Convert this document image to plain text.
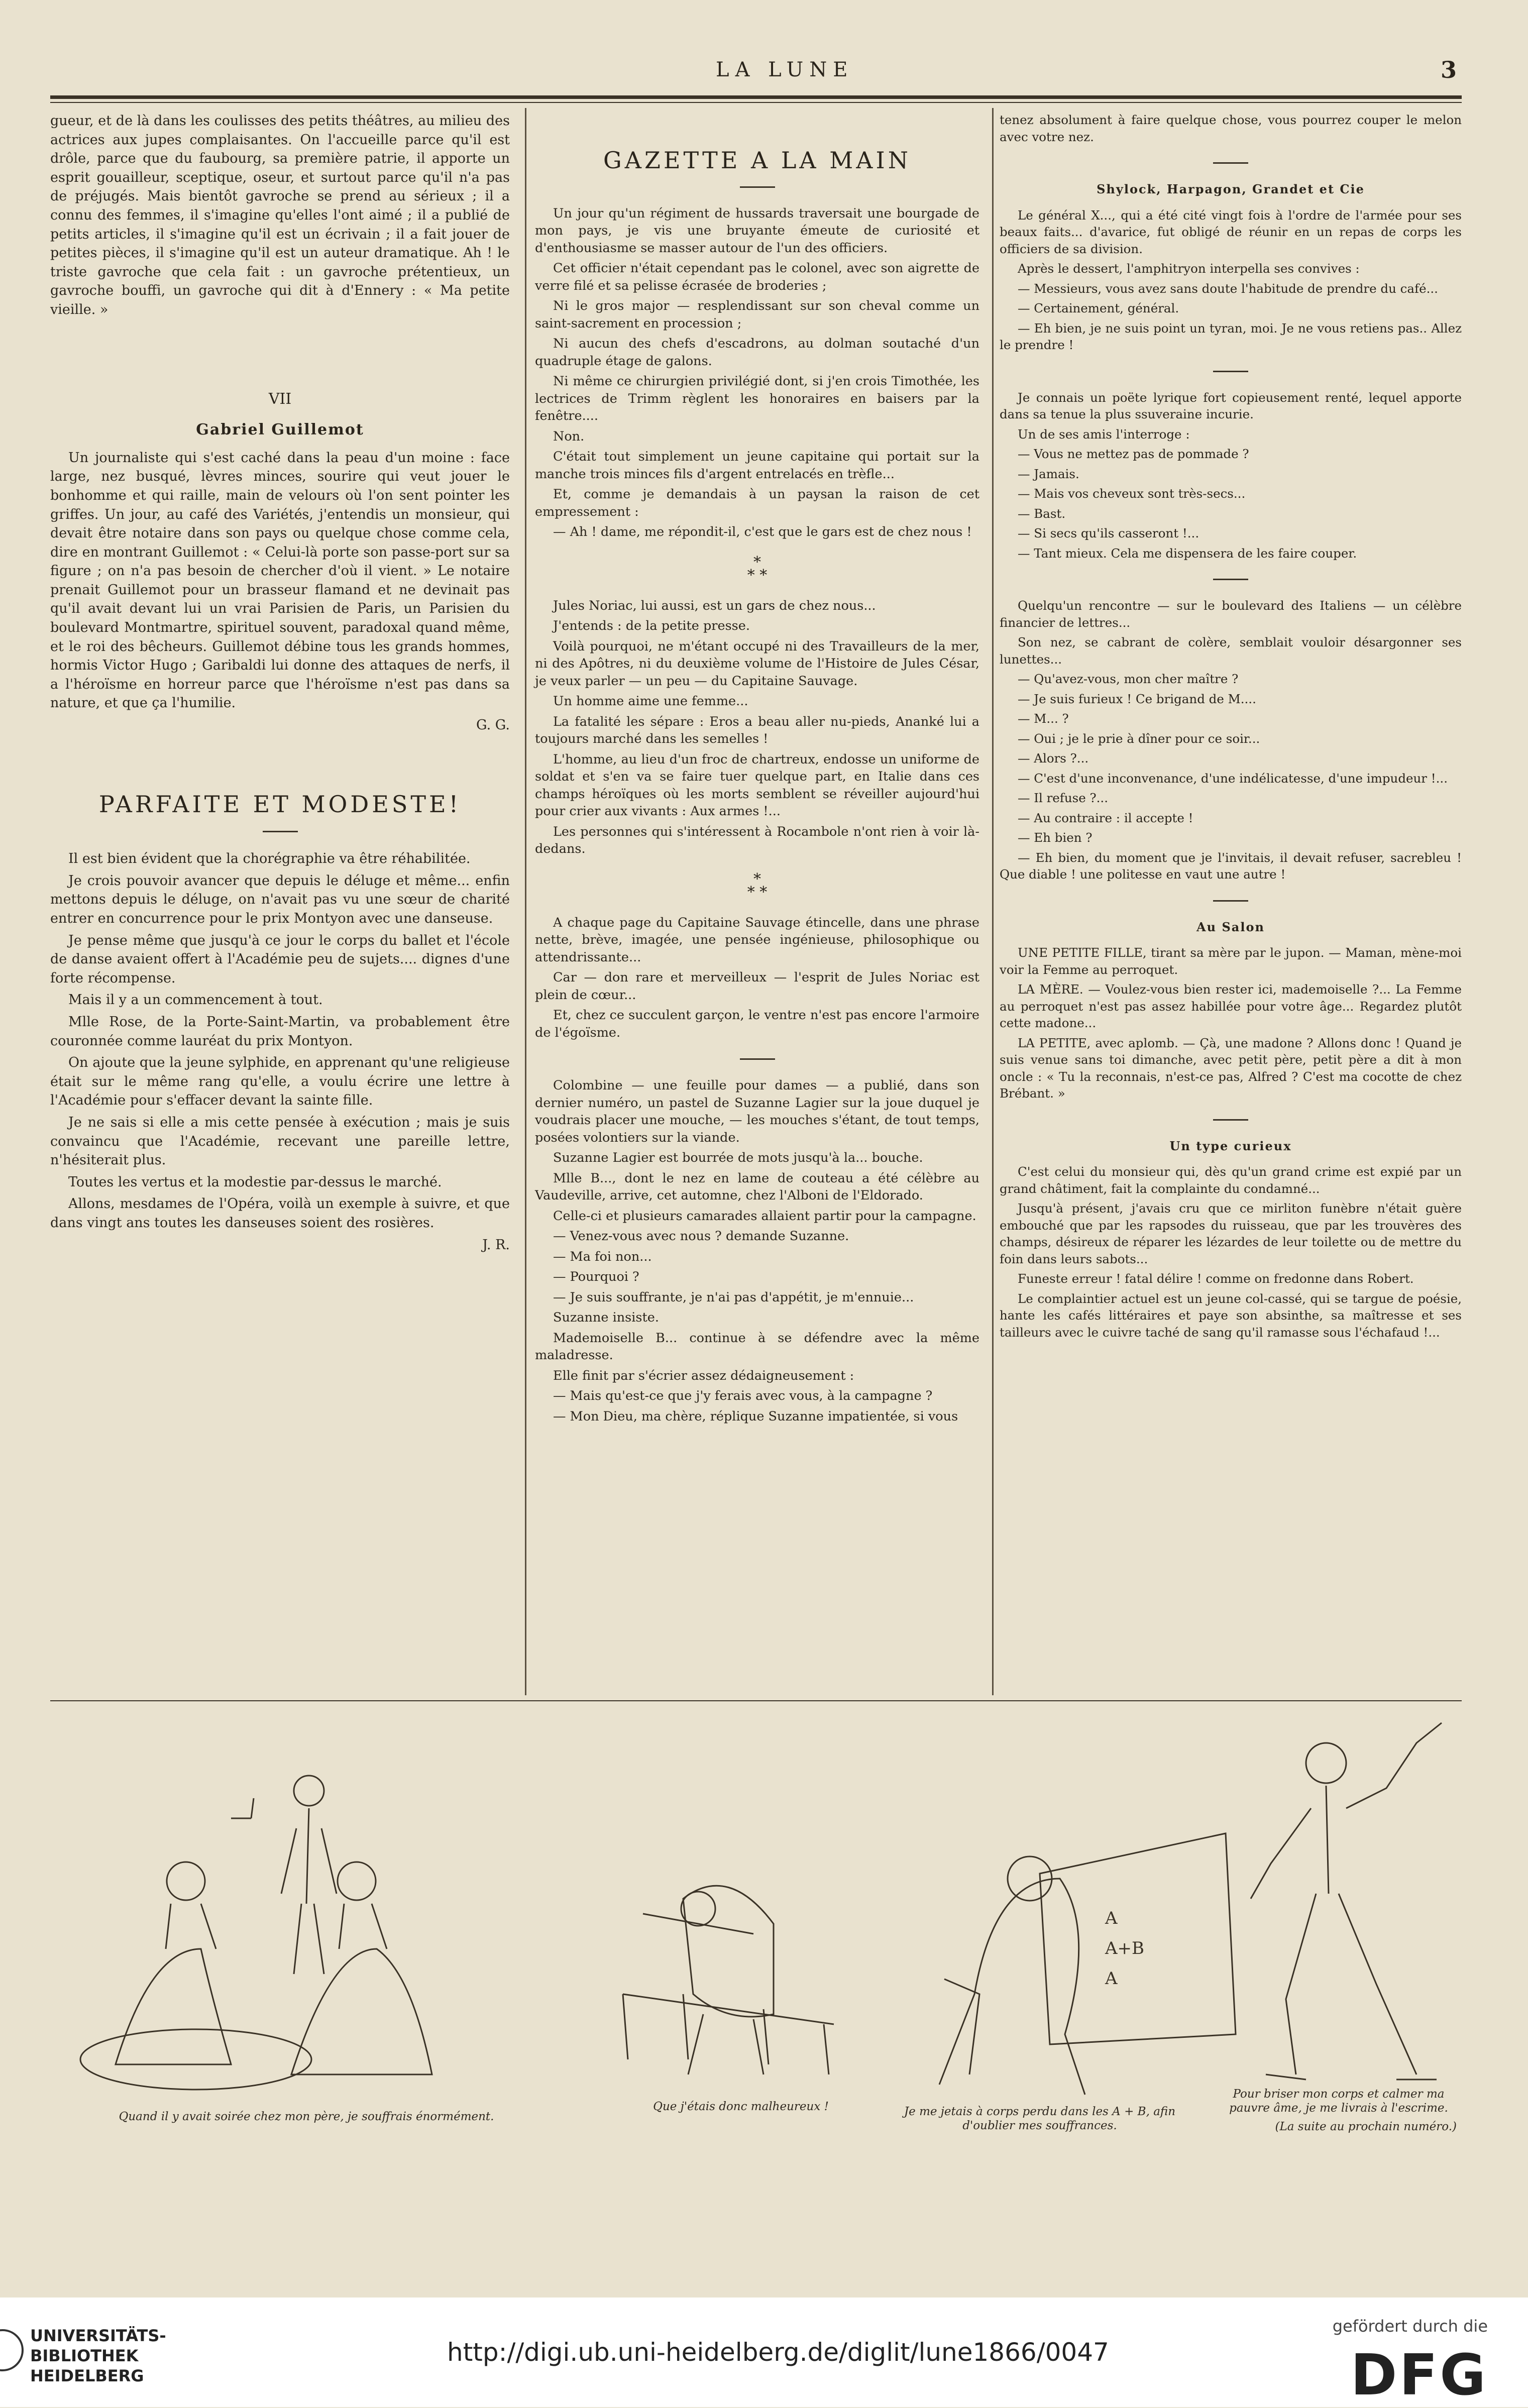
LA LUNE	3

gueur, et de là dans les coulisses des petits théâtres, au milieu des actrices aux jupes complaisantes. On l'accueille parce qu'il est drôle, parce que du faubourg, sa première patrie, il apporte un esprit gouailleur, sceptique, oseur, et surtout parce qu'il n'a pas de préjugés. Mais bientôt gavroche se prend au sérieux ; il a connu des femmes, il s'imagine qu'elles l'ont aimé ; il a publié de petits articles, il s'imagine qu'il est un écrivain ; il a fait jouer de petites pièces, il s'imagine qu'il est un auteur dramatique. Ah ! le triste gavroche que cela fait : un gavroche prétentieux, un gavroche bouffi, un gavroche qui dit à d'Ennery : « Ma petite vieille. »

VII
Gabriel Guillemot

Un journaliste qui s'est caché dans la peau d'un moine : face large, nez busqué, lèvres minces, sourire qui veut jouer le bonhomme et qui raille, main de velours où l'on sent pointer les griffes. Un jour, au café des Variétés, j'entendis un monsieur, qui devait être notaire dans son pays ou quelque chose comme cela, dire en montrant Guillemot : « Celui-là porte son passe-port sur sa figure ; on n'a pas besoin de chercher d'où il vient. » Le notaire prenait Guillemot pour un brasseur flamand et ne devinait pas qu'il avait devant lui un vrai Parisien de Paris, un Parisien du boulevard Montmartre, spirituel souvent, paradoxal quand même, et le roi des bêcheurs. Guillemot débine tous les grands hommes, hormis Victor Hugo ; Garibaldi lui donne des attaques de nerfs, il a l'héroïsme en horreur parce que l'héroïsme n'est pas dans sa nature, et que ça l'humilie.

G. G.

PARFAITE ET MODESTE!

Il est bien évident que la chorégraphie va être réhabilitée.

Je crois pouvoir avancer que depuis le déluge et même... enfin mettons depuis le déluge, on n'avait pas vu une sœur de charité entrer en concurrence pour le prix Montyon avec une danseuse.

Je pense même que jusqu'à ce jour le corps du ballet et l'école de danse avaient offert à l'Académie peu de sujets.... dignes d'une forte récompense.

Mais il y a un commencement à tout.

Mlle Rose, de la Porte-Saint-Martin, va probablement être couronnée comme lauréat du prix Montyon.

On ajoute que la jeune sylphide, en apprenant qu'une religieuse était sur le même rang qu'elle, a voulu écrire une lettre à l'Académie pour s'effacer devant la sainte fille.

Je ne sais si elle a mis cette pensée à exécution ; mais je suis convaincu que l'Académie, recevant une pareille lettre, n'hésiterait plus.

Toutes les vertus et la modestie par-dessus le marché.

Allons, mesdames de l'Opéra, voilà un exemple à suivre, et que dans vingt ans toutes les danseuses soient des rosières.

J. R.

GAZETTE A LA MAIN

Un jour qu'un régiment de hussards traversait une bourgade de mon pays, je vis une bruyante émeute de curiosité et d'enthousiasme se masser autour de l'un des officiers.

Cet officier n'était cependant pas le colonel, avec son aigrette de verre filé et sa pelisse écrasée de broderies ;

Ni le gros major — resplendissant sur son cheval comme un saint-sacrement en procession ;

Ni aucun des chefs d'escadrons, au dolman soutaché d'un quadruple étage de galons.

Ni même ce chirurgien privilégié dont, si j'en crois Timothée, les lectrices de Trimm règlent les honoraires en baisers par la fenêtre....

Non.

C'était tout simplement un jeune capitaine qui portait sur la manche trois minces fils d'argent entrelacés en trèfle...

Et, comme je demandais à un paysan la raison de cet empressement :

— Ah ! dame, me répondit-il, c'est que le gars est de chez nous !

*
* *

Jules Noriac, lui aussi, est un gars de chez nous...

J'entends : de la petite presse.

Voilà pourquoi, ne m'étant occupé ni des Travailleurs de la mer, ni des Apôtres, ni du deuxième volume de l'Histoire de Jules César, je veux parler — un peu — du Capitaine Sauvage.

Un homme aime une femme...

La fatalité les sépare : Eros a beau aller nu-pieds, Ananké lui a toujours marché dans les semelles !

L'homme, au lieu d'un froc de chartreux, endosse un uniforme de soldat et s'en va se faire tuer quelque part, en Italie dans ces champs héroïques où les morts semblent se réveiller aujourd'hui pour crier aux vivants : Aux armes !...

Les personnes qui s'intéressent à Rocambole n'ont rien à voir là-dedans.

*
* *

A chaque page du Capitaine Sauvage étincelle, dans une phrase nette, brève, imagée, une pensée ingénieuse, philosophique ou attendrissante...

Car — don rare et merveilleux — l'esprit de Jules Noriac est plein de cœur...

Et, chez ce succulent garçon, le ventre n'est pas encore l'armoire de l'égoïsme.

Colombine — une feuille pour dames — a publié, dans son dernier numéro, un pastel de Suzanne Lagier sur la joue duquel je voudrais placer une mouche, — les mouches s'étant, de tout temps, posées volontiers sur la viande.

Suzanne Lagier est bourrée de mots jusqu'à la... bouche.

Mlle B..., dont le nez en lame de couteau a été célèbre au Vaudeville, arrive, cet automne, chez l'Alboni de l'Eldorado.

Celle-ci et plusieurs camarades allaient partir pour la campagne.

— Venez-vous avec nous ? demande Suzanne.

— Ma foi non...

— Pourquoi ?

— Je suis souffrante, je n'ai pas d'appétit, je m'ennuie...

Suzanne insiste.

Mademoiselle B... continue à se défendre avec la même maladresse.

Elle finit par s'écrier assez dédaigneusement :

— Mais qu'est-ce que j'y ferais avec vous, à la campagne ?

— Mon Dieu, ma chère, réplique Suzanne impatientée, si vous

tenez absolument à faire quelque chose, vous pourrez couper le melon avec votre nez.

Shylock, Harpagon, Grandet et Cie

Le général X..., qui a été cité vingt fois à l'ordre de l'armée pour ses beaux faits... d'avarice, fut obligé de réunir en un repas de corps les officiers de sa division.

Après le dessert, l'amphitryon interpella ses convives :

— Messieurs, vous avez sans doute l'habitude de prendre du café...

— Certainement, général.

— Eh bien, je ne suis point un tyran, moi. Je ne vous retiens pas.. Allez le prendre !

Je connais un poëte lyrique fort copieusement renté, lequel apporte dans sa tenue la plus ssuveraine incurie.

Un de ses amis l'interroge :

— Vous ne mettez pas de pommade ?

— Jamais.

— Mais vos cheveux sont très-secs...

— Bast.

— Si secs qu'ils casseront !...

— Tant mieux. Cela me dispensera de les faire couper.

Quelqu'un rencontre — sur le boulevard des Italiens — un célèbre financier de lettres...

Son nez, se cabrant de colère, semblait vouloir désargonner ses lunettes...

— Qu'avez-vous, mon cher maître ?

— Je suis furieux ! Ce brigand de M....

— M... ?

— Oui ; je le prie à dîner pour ce soir...

— Alors ?...

— C'est d'une inconvenance, d'une indélicatesse, d'une impudeur !...

— Il refuse ?...

— Au contraire : il accepte !

— Eh bien ?

— Eh bien, du moment que je l'invitais, il devait refuser, sacrebleu ! Que diable ! une politesse en vaut une autre !

Au Salon

UNE PETITE FILLE, tirant sa mère par le jupon. — Maman, mène-moi voir la Femme au perroquet.

LA MÈRE. — Voulez-vous bien rester ici, mademoiselle ?... La Femme au perroquet n'est pas assez habillée pour votre âge... Regardez plutôt cette madone...

LA PETITE, avec aplomb. — Çà, une madone ? Allons donc ! Quand je suis venue sans toi dimanche, avec petit père, petit père a dit à mon oncle : « Tu la reconnais, n'est-ce pas, Alfred ? C'est ma cocotte de chez Brébant. »

Un type curieux

C'est celui du monsieur qui, dès qu'un grand crime est expié par un grand châtiment, fait la complainte du condamné...

Jusqu'à présent, j'avais cru que ce mirliton funèbre n'était guère embouché que par les rapsodes du ruisseau, que par les trouvères des champs, désireux de réparer les lézardes de leur toilette ou de mettre du foin dans leurs sabots...

Funeste erreur ! fatal délire ! comme on fredonne dans Robert.

Le complaintier actuel est un jeune col-cassé, qui se targue de poésie, hante les cafés littéraires et paye son absinthe, sa maîtresse et ses tailleurs avec le cuivre taché de sang qu'il ramasse sous l'échafaud !...

A A+B A
Quand il y avait soirée chez mon père, je souffrais énormément.
Que j'étais donc malheureux !	Je me jetais à corps perdu dans les A + B, afin d'oublier mes souffrances.
Pour briser mon corps et calmer ma pauvre âme, je me livrais à l'escrime.
(La suite au prochain numéro.)
UNIVERSITÄTS-
BIBLIOTHEK
HEIDELBERG
http://digi.ub.uni-heidelberg.de/diglit/lune1866/0047
gefördert durch die
DFG
